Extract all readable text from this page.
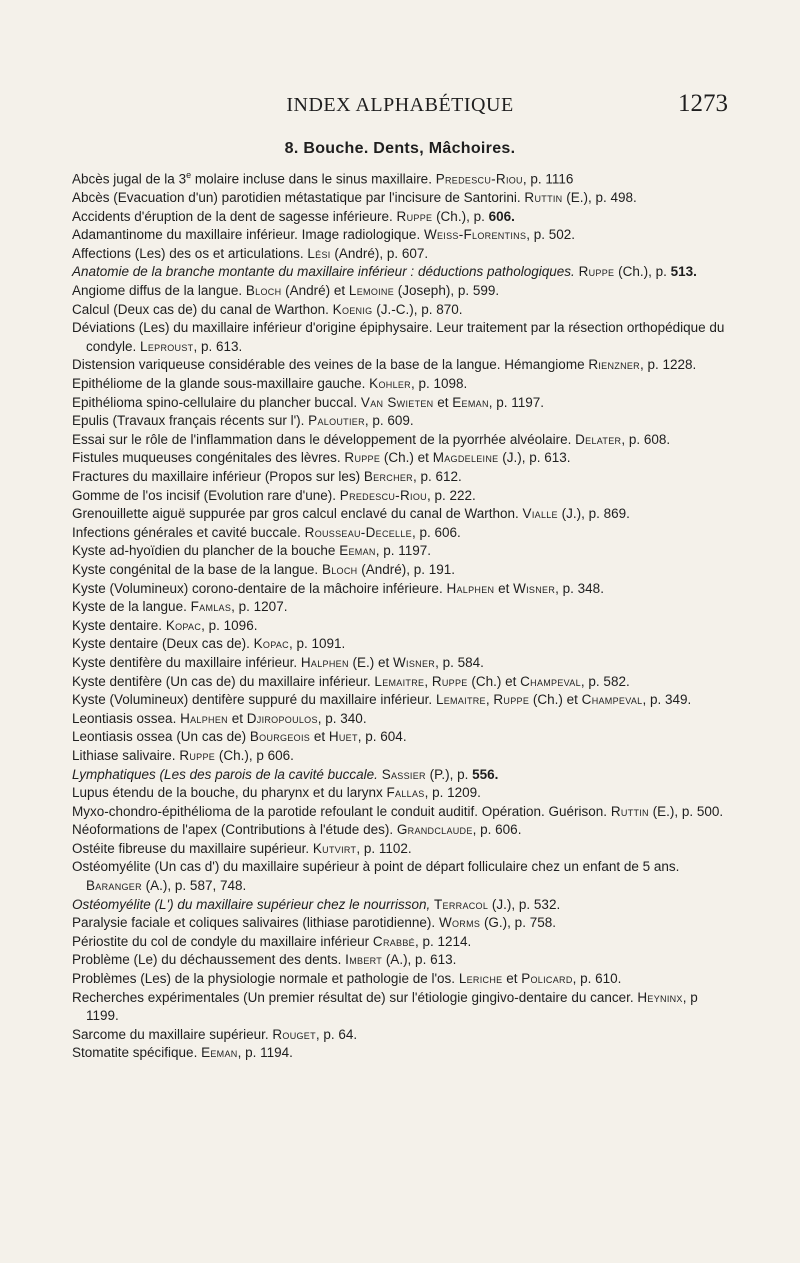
INDEX ALPHABÉTIQUE	1273
8. Bouche. Dents, Mâchoires.

Abcès jugal de la 3e molaire incluse dans le sinus maxillaire. Predescu-Riou, p. 1116

Abcès (Evacuation d'un) parotidien métastatique par l'incisure de Santorini. Ruttin (E.), p. 498.

Accidents d'éruption de la dent de sagesse inférieure. Ruppe (Ch.), p. 606.

Adamantinome du maxillaire inférieur. Image radiologique. Weiss-Florentins, p. 502.

Affections (Les) des os et articulations. Lési (André), p. 607.

Anatomie de la branche montante du maxillaire inférieur : déductions pathologiques. Ruppe (Ch.), p. 513.

Angiome diffus de la langue. Bloch (André) et Lemoine (Joseph), p. 599.

Calcul (Deux cas de) du canal de Warthon. Koenig (J.-C.), p. 870.

Déviations (Les) du maxillaire inférieur d'origine épiphysaire. Leur traitement par la résection orthopédique du condyle. Leproust, p. 613.

Distension variqueuse considérable des veines de la base de la langue. Hémangiome Rienzner, p. 1228.

Epithéliome de la glande sous-maxillaire gauche. Kohler, p. 1098.

Epithélioma spino-cellulaire du plancher buccal. Van Swieten et Eeman, p. 1197.

Epulis (Travaux français récents sur l'). Paloutier, p. 609.

Essai sur le rôle de l'inflammation dans le développement de la pyorrhée alvéolaire. Delater, p. 608.

Fistules muqueuses congénitales des lèvres. Ruppe (Ch.) et Magdeleine (J.), p. 613.

Fractures du maxillaire inférieur (Propos sur les) Bercher, p. 612.

Gomme de l'os incisif (Evolution rare d'une). Predescu-Riou, p. 222.

Grenouillette aiguë suppurée par gros calcul enclavé du canal de Warthon. Vialle (J.), p. 869.

Infections générales et cavité buccale. Rousseau-Decelle, p. 606.

Kyste ad-hyoïdien du plancher de la bouche Eeman, p. 1197.

Kyste congénital de la base de la langue. Bloch (André), p. 191.

Kyste (Volumineux) corono-dentaire de la mâchoire inférieure. Halphen et Wisner, p. 348.

Kyste de la langue. Famlas, p. 1207.

Kyste dentaire. Kopac, p. 1096.

Kyste dentaire (Deux cas de). Kopac, p. 1091.

Kyste dentifère du maxillaire inférieur. Halphen (E.) et Wisner, p. 584.

Kyste dentifère (Un cas de) du maxillaire inférieur. Lemaitre, Ruppe (Ch.) et Champeval, p. 582.

Kyste (Volumineux) dentifère suppuré du maxillaire inférieur. Lemaitre, Ruppe (Ch.) et Champeval, p. 349.

Leontiasis ossea. Halphen et Djiropoulos, p. 340.

Leontiasis ossea (Un cas de) Bourgeois et Huet, p. 604.

Lithiase salivaire. Ruppe (Ch.), p 606.

Lymphatiques (Les des parois de la cavité buccale. Sassier (P.), p. 556.

Lupus étendu de la bouche, du pharynx et du larynx Fallas, p. 1209.

Myxo-chondro-épithélioma de la parotide refoulant le conduit auditif. Opération. Guérison. Ruttin (E.), p. 500.

Néoformations de l'apex (Contributions à l'étude des). Grandclaude, p. 606.

Ostéite fibreuse du maxillaire supérieur. Kutvirt, p. 1102.

Ostéomyélite (Un cas d') du maxillaire supérieur à point de départ folliculaire chez un enfant de 5 ans. Baranger (A.), p. 587, 748.

Ostéomyélite (L') du maxillaire supérieur chez le nourrisson, Terracol (J.), p. 532.

Paralysie faciale et coliques salivaires (lithiase parotidienne). Worms (G.), p. 758.

Périostite du col de condyle du maxillaire inférieur Crabbé, p. 1214.

Problème (Le) du déchaussement des dents. Imbert (A.), p. 613.

Problèmes (Les) de la physiologie normale et pathologie de l'os. Leriche et Policard, p. 610.

Recherches expérimentales (Un premier résultat de) sur l'étiologie gingivo-dentaire du cancer. Heyninx, p 1199.

Sarcome du maxillaire supérieur. Rouget, p. 64.

Stomatite spécifique. Eeman, p. 1194.
